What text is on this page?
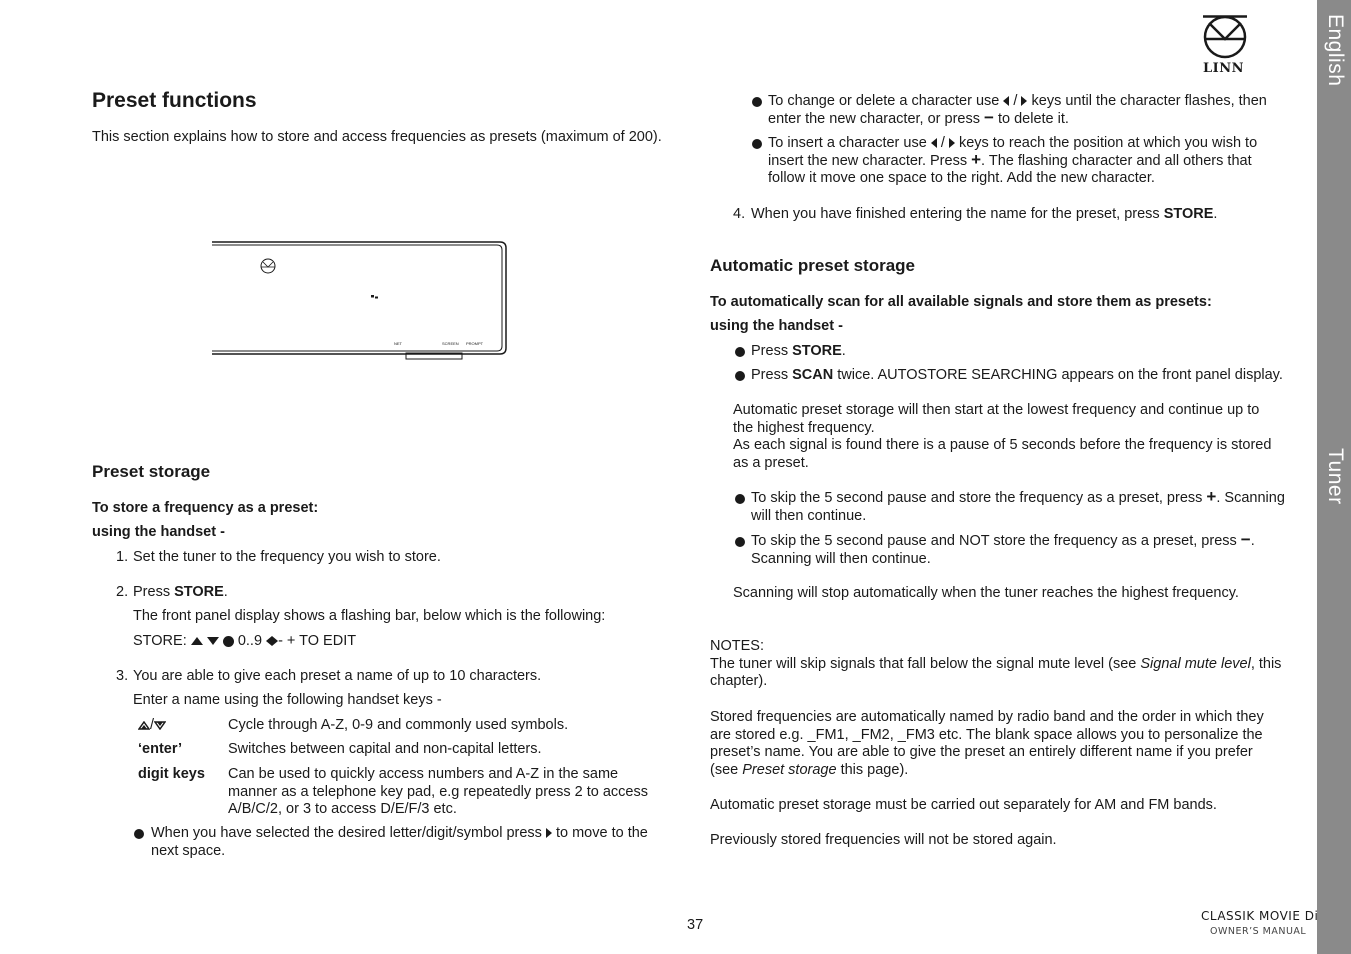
English
Tuner
LINN
Preset functions

This section explains how to store and access frequencies as presets (maximum of 200).

NET	SCREEN PROMPT
Preset storage

To store a frequency as a preset:

using the handset -

1. Set the tuner to the frequency you wish to store.

2. Press STORE.

The front panel display shows a flashing bar, below which is the following:

STORE:	0..9 - + TO EDIT

3. You are able to give each preset a name of up to 10 characters.

Enter a name using the following handset keys -

/	Cycle through A-Z, 0-9 and commonly used symbols.

‘enter’	Switches between capital and non-capital letters.

digit keys Can be used to quickly access numbers and A-Z in the same
manner as a telephone key pad, e.g repeatedly press 2 to access
A/B/C/2, or 3 to access D/E/F/3 etc.
When you have selected the desired letter/digit/symbol press to move to the
next space.
To change or delete a character use  /  keys until the character flashes, then
enter the new character, or press − to delete it.
To insert a character use  /  keys to reach the position at which you wish to
insert the new character. Press +. The flashing character and all others that
follow it move one space to the right. Add the new character.
4. When you have finished entering the name for the preset, press STORE.

Automatic preset storage

To automatically scan for all available signals and store them as presets:

using the handset -

Press STORE.

Press SCAN twice. AUTOSTORE SEARCHING appears on the front panel display.

Automatic preset storage will then start at the lowest frequency and continue up to
the highest frequency.
As each signal is found there is a pause of 5 seconds before the frequency is stored
as a preset.
To skip the 5 second pause and store the frequency as a preset, press +. Scanning
will then continue.
To skip the 5 second pause and NOT store the frequency as a preset, press −.
Scanning will then continue.

Scanning will stop automatically when the tuner reaches the highest frequency.

NOTES:
The tuner will skip signals that fall below the signal mute level (see Signal mute level, this
chapter).
Stored frequencies are automatically named by radio band and the order in which they
are stored e.g. _FM1, _FM2, _FM3 etc. The blank space allows you to personalize the
preset’s name. You are able to give the preset an entirely different name if you prefer
(see Preset storage this page).

Automatic preset storage must be carried out separately for AM and FM bands.

Previously stored frequencies will not be stored again.

37
CLASSIK MOVIE Di
OWNER’S MANUAL
